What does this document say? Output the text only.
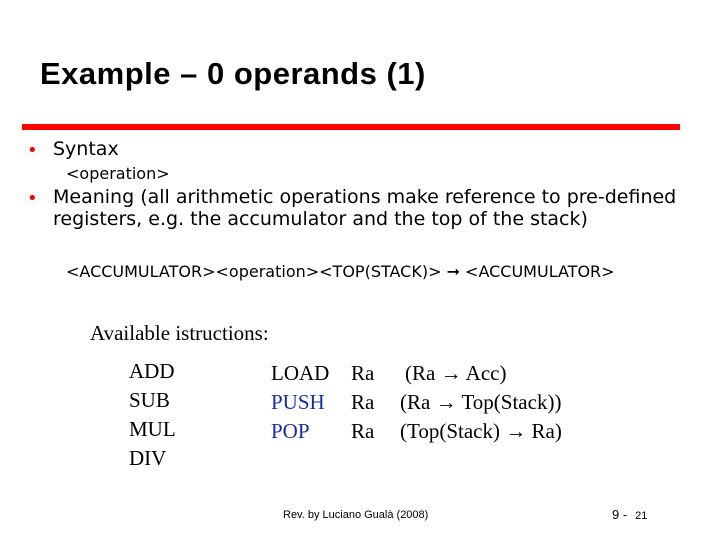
Example – 0 operands (1)
• Syntax
<operation>
• Meaning (all arithmetic operations make reference to pre-defined registers, e.g. the accumulator and the top of the stack)
<ACCUMULATOR><operation><TOP(STACK)> ➞ <ACCUMULATOR>
Available istructions:
ADD
SUB
MUL
DIV
LOAD
PUSH
POP
Ra
Ra
Ra
(Ra → Acc)
(Ra → Top(Stack))
(Top(Stack) → Ra)
Rev. by Luciano Gualà (2008)	9 - 21
